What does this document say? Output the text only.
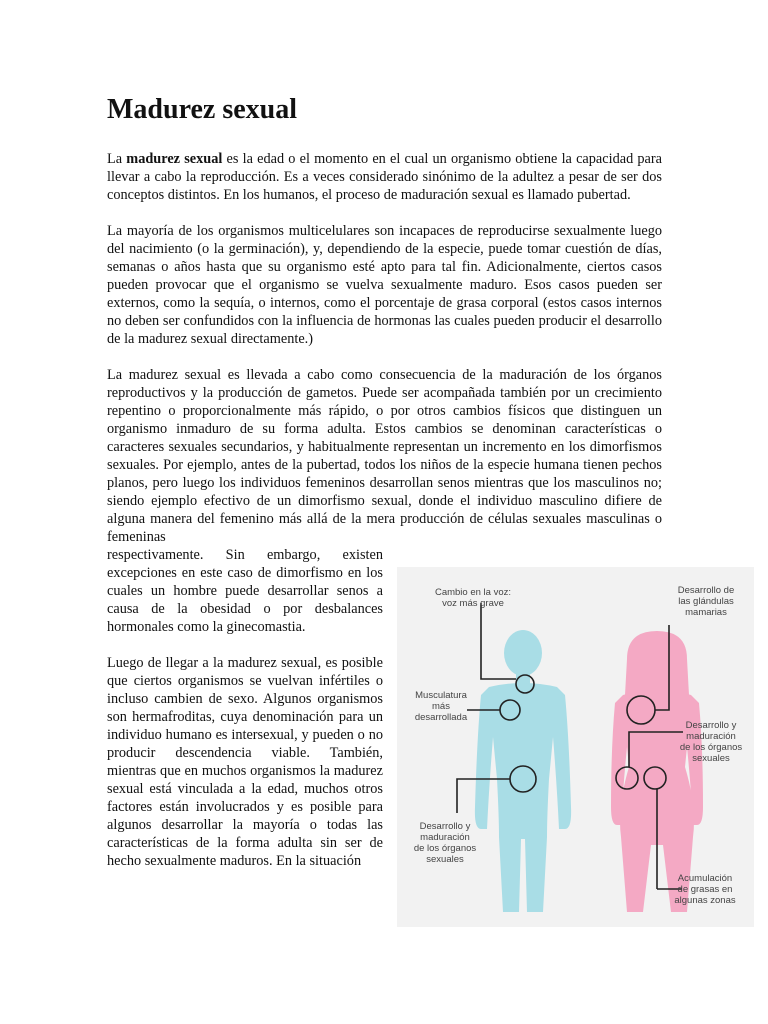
Madurez sexual

La madurez sexual es la edad o el momento en el cual un organismo obtiene la capacidad para llevar a cabo la reproducción. Es a veces considerado sinónimo de la adultez a pesar de ser dos conceptos distintos. En los humanos, el proceso de maduración sexual es llamado pubertad.

La mayoría de los organismos multicelulares son incapaces de reproducirse sexualmente luego del nacimiento (o la germinación), y, dependiendo de la especie, puede tomar cuestión de días, semanas o años hasta que su organismo esté apto para tal fin. Adicionalmente, ciertos casos pueden provocar que el organismo se vuelva sexualmente maduro. Esos casos pueden ser externos, como la sequía, o internos, como el porcentaje de grasa corporal (estos casos internos no deben ser confundidos con la influencia de hormonas las cuales pueden producir el desarrollo de la madurez sexual directamente.)

La madurez sexual es llevada a cabo como consecuencia de la maduración de los órganos reproductivos y la producción de gametos. Puede ser acompañada también por un crecimiento repentino o proporcionalmente más rápido, o por otros cambios físicos que distinguen un organismo inmaduro de su forma adulta. Estos cambios se denominan características o caracteres sexuales secundarios, y habitualmente representan un incremento en los dimorfismos sexuales. Por ejemplo, antes de la pubertad, todos los niños de la especie humana tienen pechos planos, pero luego los individuos femeninos desarrollan senos mientras que los masculinos no; siendo ejemplo efectivo de un dimorfismo sexual, donde el individuo masculino difiere de alguna manera del femenino más allá de la mera producción de células sexuales masculinas o femeninas

respectivamente. Sin embargo, existen excepciones en este caso de dimorfismo en los cuales un hombre puede desarrollar senos a causa de la obesidad o por desbalances hormonales como la ginecomastia.

Luego de llegar a la madurez sexual, es posible que ciertos organismos se vuelvan infértiles o incluso cambien de sexo. Algunos organismos son hermafroditas, cuya denominación para un individuo humano es intersexual, y pueden o no producir descendencia viable. También, mientras que en muchos organismos la madurez sexual está vinculada a la edad, muchos otros factores están involucrados y es posible para algunos desarrollar la mayoría o todas las características de la forma adulta sin ser de hecho sexualmente maduros. En la situación

Cambio en la voz:
voz más grave
Musculatura
más
desarrollada
Desarrollo y
maduración
de los órganos
sexuales
Desarrollo de
las glándulas
mamarias
Desarrollo y
maduración
de los órganos
sexuales
Acumulación
de grasas en
algunas zonas
